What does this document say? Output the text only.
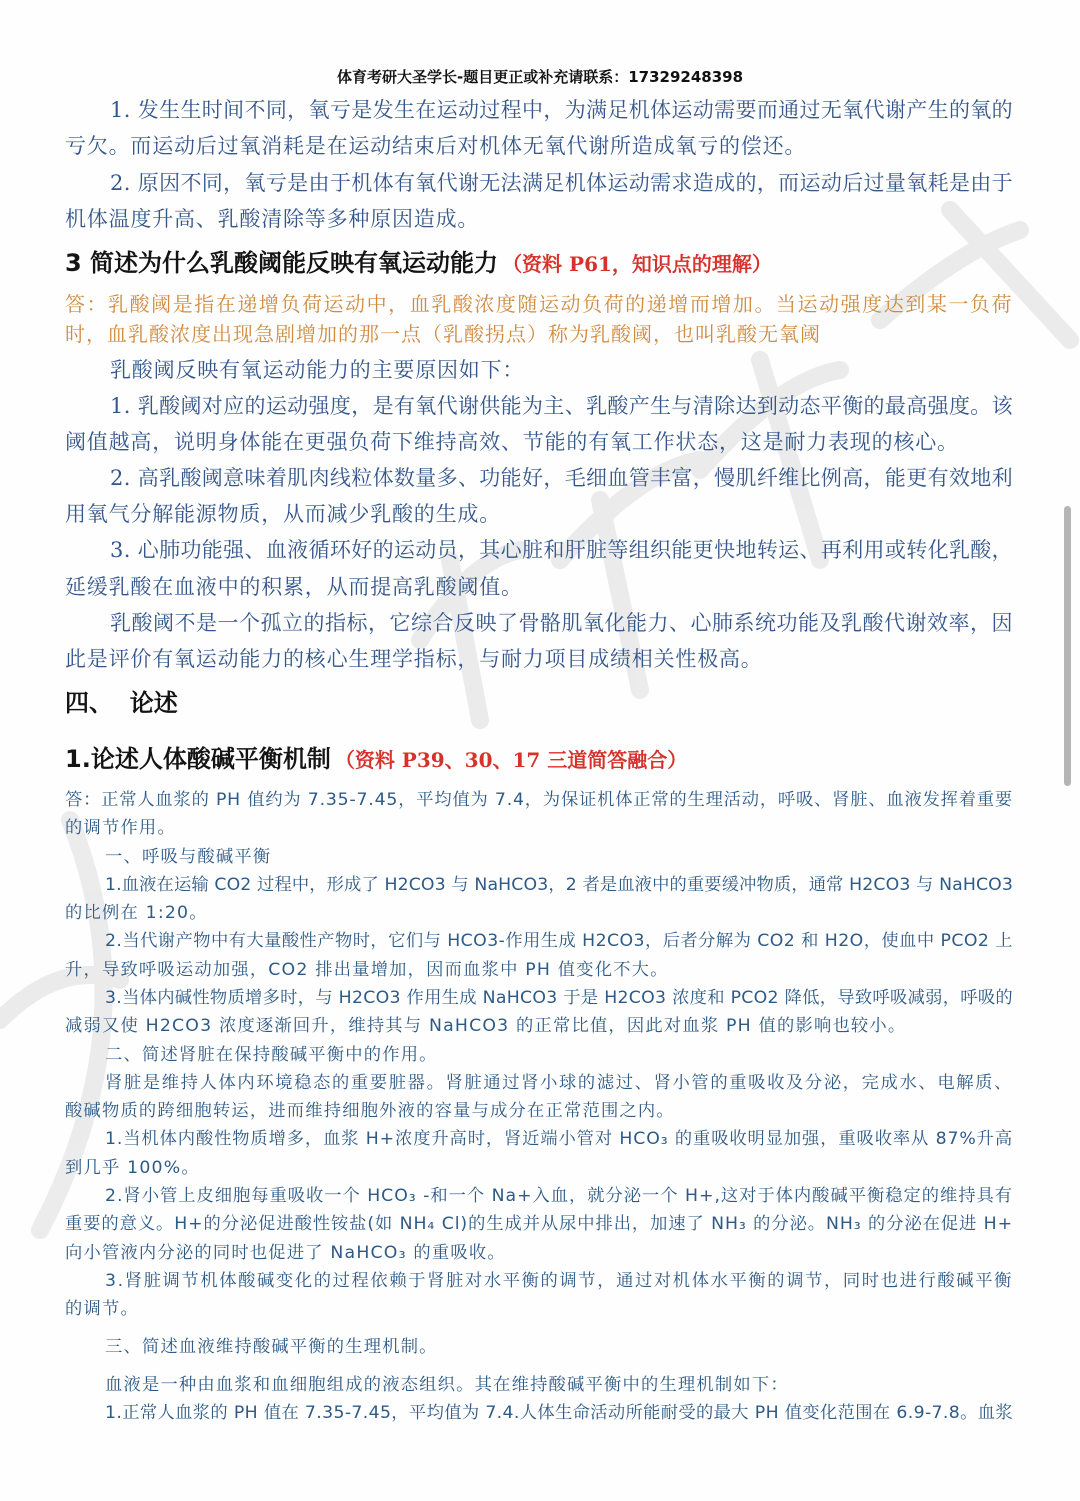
体育考研大圣学长-题目更正或补充请联系：17329248398
1. 发生生时间不同，氧亏是发生在运动过程中，为满足机体运动需要而通过无氧代谢产生的氧的
亏欠。而运动后过氧消耗是在运动结束后对机体无氧代谢所造成氧亏的偿还。
2. 原因不同，氧亏是由于机体有氧代谢无法满足机体运动需求造成的，而运动后过量氧耗是由于
机体温度升高、乳酸清除等多种原因造成。
3 简述为什么乳酸阈能反映有氧运动能力 （资料 P61，知识点的理解）
答：乳酸阈是指在递增负荷运动中，血乳酸浓度随运动负荷的递增而增加。当运动强度达到某一负荷
时，血乳酸浓度出现急剧增加的那一点（乳酸拐点）称为乳酸阈，也叫乳酸无氧阈
乳酸阈反映有氧运动能力的主要原因如下：
1. 乳酸阈对应的运动强度，是有氧代谢供能为主、乳酸产生与清除达到动态平衡的最高强度。该
阈值越高，说明身体能在更强负荷下维持高效、节能的有氧工作状态，这是耐力表现的核心。
2. 高乳酸阈意味着肌肉线粒体数量多、功能好，毛细血管丰富，慢肌纤维比例高，能更有效地利
用氧气分解能源物质，从而减少乳酸的生成。
3. 心肺功能强、血液循环好的运动员，其心脏和肝脏等组织能更快地转运、再利用或转化乳酸，
延缓乳酸在血液中的积累，从而提高乳酸阈值。
乳酸阈不是一个孤立的指标，它综合反映了骨骼肌氧化能力、心肺系统功能及乳酸代谢效率，因
此是评价有氧运动能力的核心生理学指标，与耐力项目成绩相关性极高。
四、  论述
1.论述人体酸碱平衡机制 （资料 P39、30、17 三道简答融合）
答：正常人血浆的 PH 值约为 7.35-7.45，平均值为 7.4，为保证机体正常的生理活动，呼吸、肾脏、血液发挥着重要
的调节作用。
一、呼吸与酸碱平衡
1.血液在运输 CO2 过程中，形成了 H2CO3 与 NaHCO3，2 者是血液中的重要缓冲物质，通常 H2CO3 与 NaHCO3
的比例在 1:20。
2.当代谢产物中有大量酸性产物时，它们与 HCO3-作用生成 H2CO3，后者分解为 CO2 和 H2O，使血中 PCO2 上
升，导致呼吸运动加强，CO2 排出量增加，因而血浆中 PH 值变化不大。
3.当体内碱性物质增多时，与 H2CO3 作用生成 NaHCO3 于是 H2CO3 浓度和 PCO2 降低，导致呼吸减弱，呼吸的
减弱又使 H2CO3 浓度逐渐回升，维持其与 NaHCO3 的正常比值，因此对血浆 PH 值的影响也较小。
二、简述肾脏在保持酸碱平衡中的作用。
肾脏是维持人体内环境稳态的重要脏器。肾脏通过肾小球的滤过、肾小管的重吸收及分泌，完成水、电解质、
酸碱物质的跨细胞转运，进而维持细胞外液的容量与成分在正常范围之内。
1.当机体内酸性物质增多，血浆 H+浓度升高时，肾近端小管对 HCO₃ 的重吸收明显加强，重吸收率从 87%升高
到几乎 100%。
2.肾小管上皮细胞每重吸收一个 HCO₃ -和一个 Na+入血，就分泌一个 H+,这对于体内酸碱平衡稳定的维持具有
重要的意义。H+的分泌促进酸性铵盐(如 NH₄ Cl)的生成并从尿中排出，加速了 NH₃ 的分泌。NH₃ 的分泌在促进 H+
向小管液内分泌的同时也促进了 NaHCO₃ 的重吸收。
3.肾脏调节机体酸碱变化的过程依赖于肾脏对水平衡的调节，通过对机体水平衡的调节，同时也进行酸碱平衡
的调节。
三、简述血液维持酸碱平衡的生理机制。
血液是一种由血浆和血细胞组成的液态组织。其在维持酸碱平衡中的生理机制如下：
1.正常人血浆的 PH 值在 7.35-7.45，平均值为 7.4.人体生命活动所能耐受的最大 PH 值变化范围在 6.9-7.8。血浆
